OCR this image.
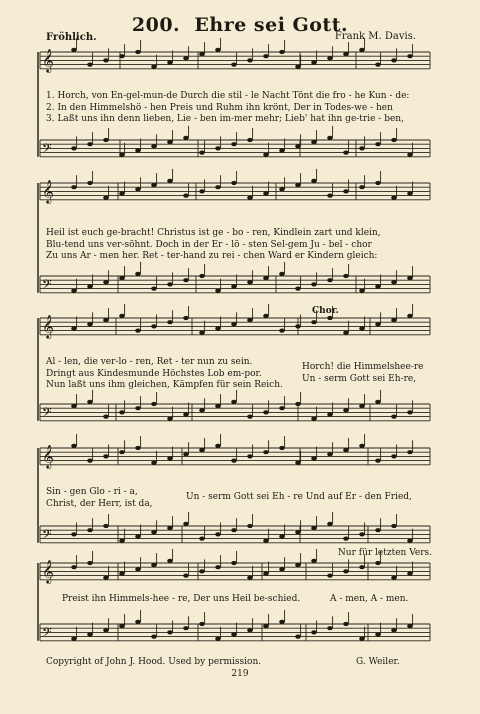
200. Ehre sei Gott.
Fröhlich.	Frank M. Davis.
𝄞
𝄢
𝄞
𝄢
𝄞
𝄢
𝄞
𝄢
𝄞
𝄢
1. Horch, von En-gel-mun-de Durch die stil - le Nacht Tönt die fro - he Kun - de:
2. In den Himmelshö - hen Preis und Ruhm ihn krönt, Der in Todes-we - hen
3. Laßt uns ihn denn lieben, Lie - ben im-mer mehr; Lieb' hat ihn ge-trie - ben,
Heil ist euch ge-bracht! Christus ist ge - bo - ren, Kindlein zart und klein,
Blu-tend uns ver-söhnt. Doch in der Er - lö - sten Sel-gem Ju - bel - chor
Zu uns Ar - men her. Ret - ter-hand zu rei - chen Ward er Kindern gleich:
Chor.
Al - len, die ver-lo - ren, Ret - ter nun zu sein.
Dringt aus Kindesmunde Höchstes Lob em-por.
Nun laßt uns ihm gleichen, Kämpfen für sein Reich.
Horch! die Himmelshee-re
Un - serm Gott sei Eh-re,
Sin - gen Glo - ri - a,
Christ, der Herr, ist da,
Un - serm Gott sei Eh - re Und auf Er - den Fried,
Nur für letzten Vers.
Preist ihn Himmels-hee - re, Der uns Heil be-schied.	A - men, A - men.
Copyright of John J. Hood. Used by permission.	G. Weiler.
219
